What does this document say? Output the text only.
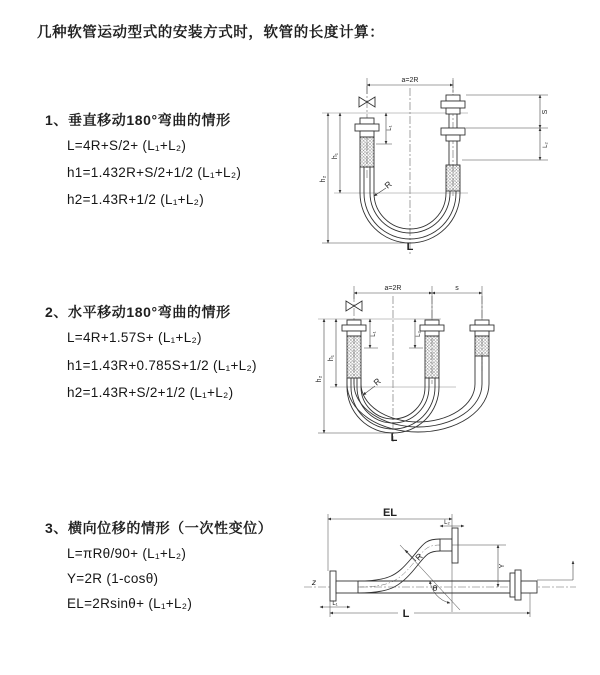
几种软管运动型式的安装方式时，软管的长度计算：
1、垂直移动180°弯曲的情形
L=4R+S/2+ (L₁+L₂)
h1=1.432R+S/2+1/2 (L₁+L₂)
h2=1.43R+1/2 (L₁+L₂)
2、水平移动180°弯曲的情形
L=4R+1.57S+ (L₁+L₂)
h1=1.43R+0.785S+1/2 (L₁+L₂)
h2=1.43R+S/2+1/2 (L₁+L₂)
3、横向位移的情形（一次性变位）
L=πRθ/90+ (L₁+L₂)
Y=2R (1-cosθ)
EL=2Rsinθ+ (L₁+L₂)
a=2R
h₁
h₂
L₁
S
L₂
R
L
a=2R	s
h₁
h₂
L₁	L₂
R
L
EL
L₂
Y
R
θ
L₁
L
z
